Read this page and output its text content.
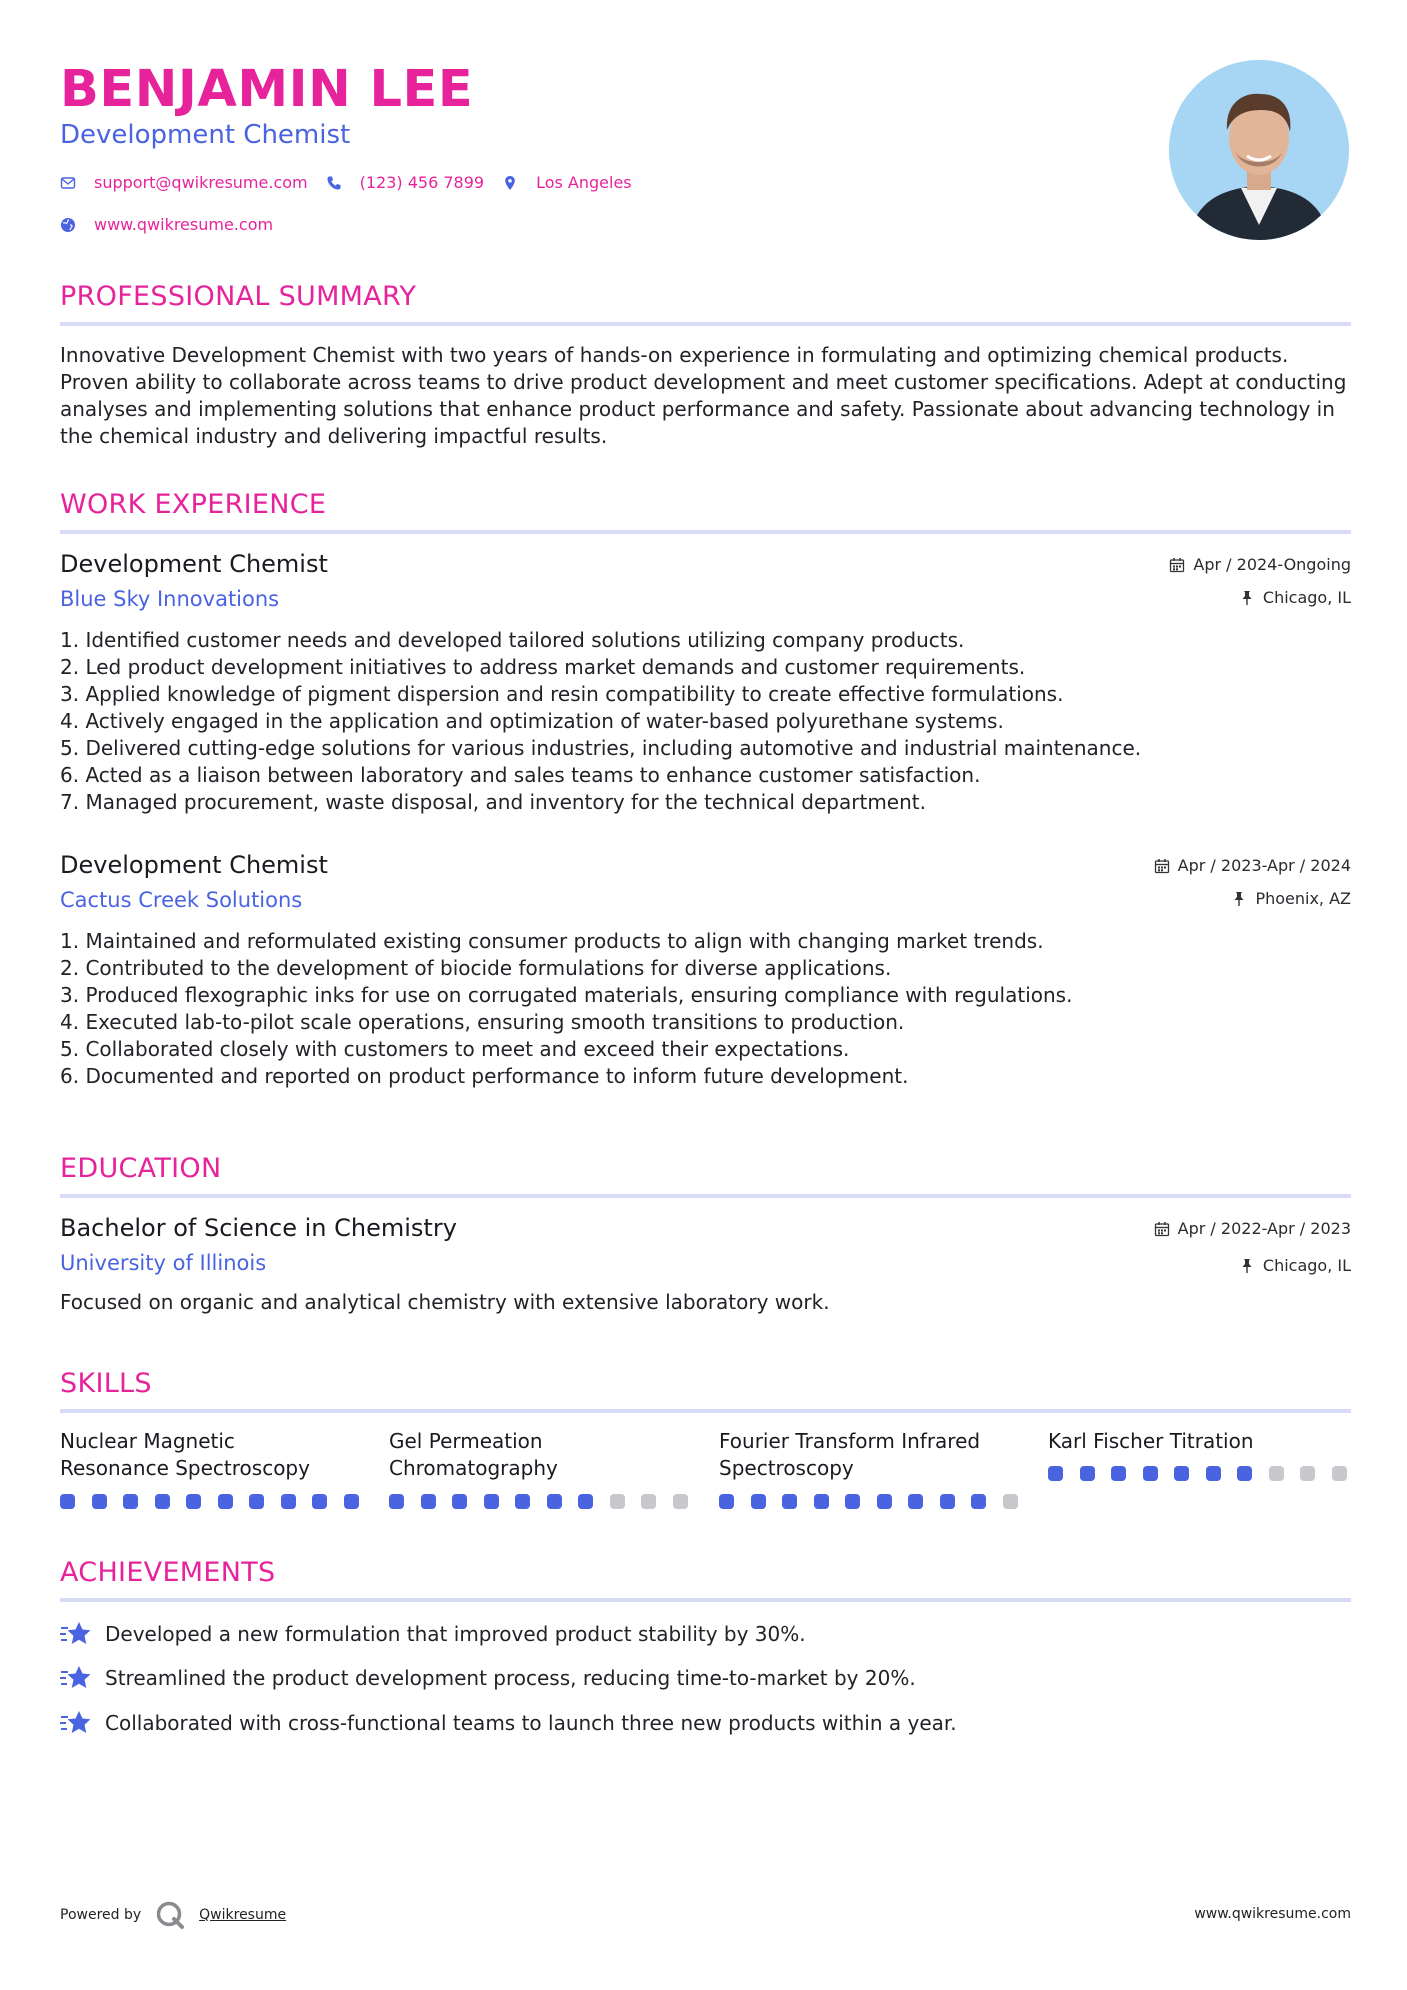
BENJAMIN LEE
Development Chemist
support@qwikresume.com	(123) 456 7899	Los Angeles
www.qwikresume.com
PROFESSIONAL SUMMARY
Innovative Development Chemist with two years of hands-on experience in formulating and optimizing chemical products. Proven ability to collaborate across teams to drive product development and meet customer specifications. Adept at conducting analyses and implementing solutions that enhance product performance and safety. Passionate about advancing technology in the chemical industry and delivering impactful results.
WORK EXPERIENCE
Development Chemist
Blue Sky Innovations
Apr / 2024-Ongoing
Chicago, IL
1. Identified customer needs and developed tailored solutions utilizing company products.
2. Led product development initiatives to address market demands and customer requirements.
3. Applied knowledge of pigment dispersion and resin compatibility to create effective formulations.
4. Actively engaged in the application and optimization of water-based polyurethane systems.
5. Delivered cutting-edge solutions for various industries, including automotive and industrial maintenance.
6. Acted as a liaison between laboratory and sales teams to enhance customer satisfaction.
7. Managed procurement, waste disposal, and inventory for the technical department.
Development Chemist
Cactus Creek Solutions
Apr / 2023-Apr / 2024
Phoenix, AZ
1. Maintained and reformulated existing consumer products to align with changing market trends.
2. Contributed to the development of biocide formulations for diverse applications.
3. Produced flexographic inks for use on corrugated materials, ensuring compliance with regulations.
4. Executed lab-to-pilot scale operations, ensuring smooth transitions to production.
5. Collaborated closely with customers to meet and exceed their expectations.
6. Documented and reported on product performance to inform future development.
EDUCATION
Bachelor of Science in Chemistry
University of Illinois
Apr / 2022-Apr / 2023
Chicago, IL
Focused on organic and analytical chemistry with extensive laboratory work.
SKILLS
Nuclear Magnetic Resonance Spectroscopy
Gel Permeation Chromatography
Fourier Transform Infrared Spectroscopy
Karl Fischer Titration
ACHIEVEMENTS
Developed a new formulation that improved product stability by 30%.
Streamlined the product development process, reducing time-to-market by 20%.
Collaborated with cross-functional teams to launch three new products within a year.
Powered by	Qwikresume	www.qwikresume.com
